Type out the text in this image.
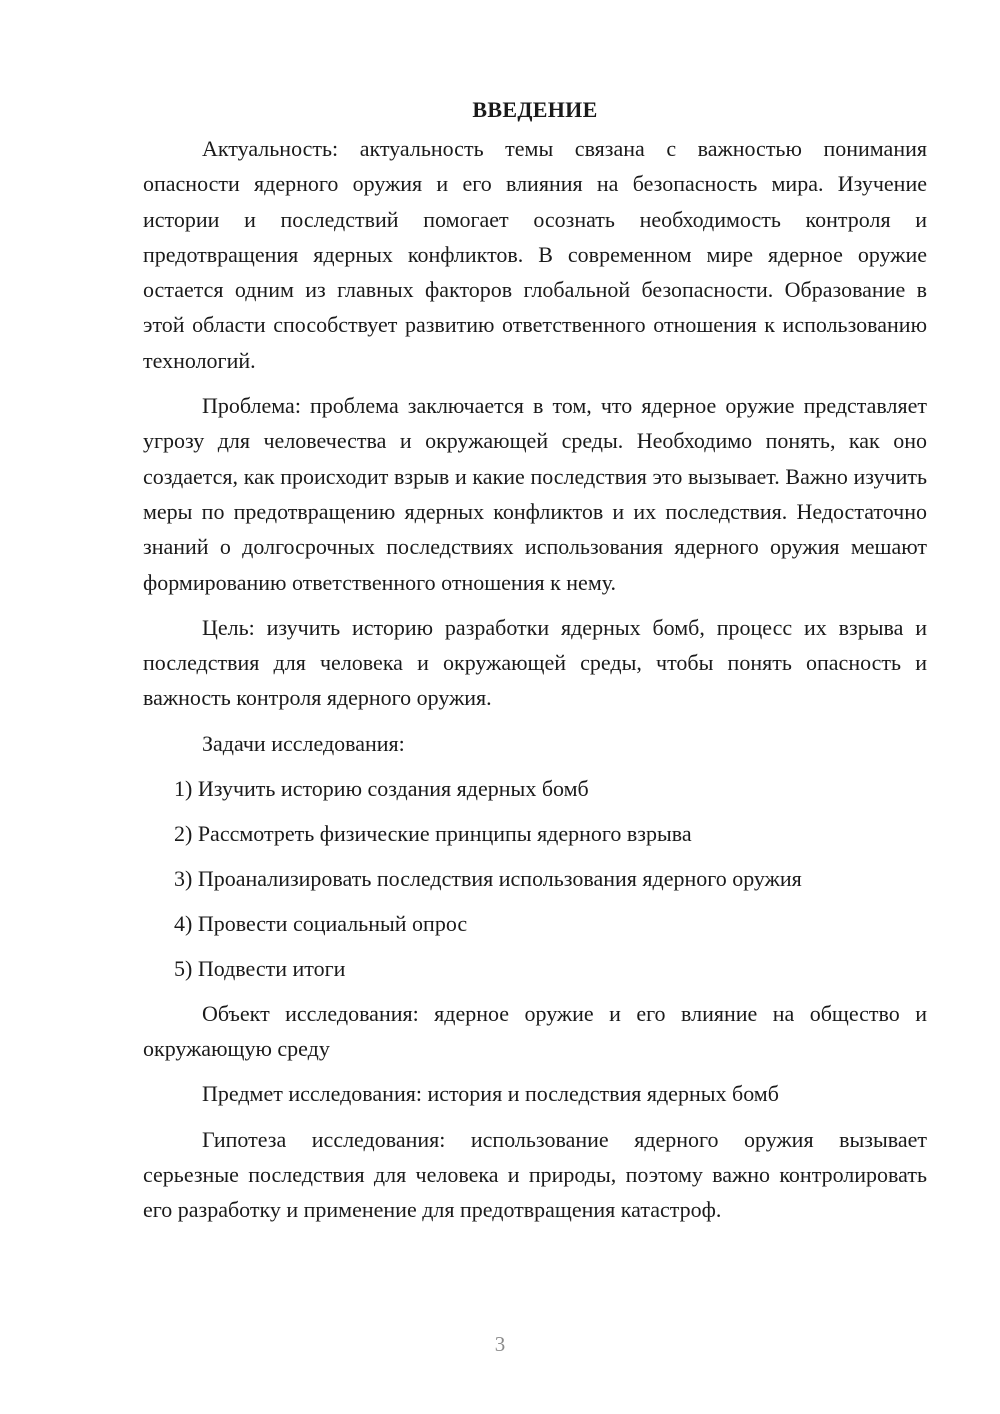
ВВЕДЕНИЕ

Актуальность: актуальность темы связана с важностью понимания опасности ядерного оружия и его влияния на безопасность мира. Изучение истории и последствий помогает осознать необходимость контроля и предотвращения ядерных конфликтов. В современном мире ядерное оружие остается одним из главных факторов глобальной безопасности. Образование в этой области способствует развитию ответственного отношения к использованию технологий.

Проблема: проблема заключается в том, что ядерное оружие представляет угрозу для человечества и окружающей среды. Необходимо понять, как оно создается, как происходит взрыв и какие последствия это вызывает. Важно изучить меры по предотвращению ядерных конфликтов и их последствия. Недостаточно знаний о долгосрочных последствиях использования ядерного оружия мешают формированию ответственного отношения к нему.

Цель: изучить историю разработки ядерных бомб, процесс их взрыва и последствия для человека и окружающей среды, чтобы понять опасность и важность контроля ядерного оружия.

Задачи исследования:

1) Изучить историю создания ядерных бомб
2) Рассмотреть физические принципы ядерного взрыва
3) Проанализировать последствия использования ядерного оружия
4) Провести социальный опрос
5) Подвести итоги

Объект исследования: ядерное оружие и его влияние на общество и окружающую среду

Предмет исследования: история и последствия ядерных бомб

Гипотеза исследования: использование ядерного оружия вызывает серьезные последствия для человека и природы, поэтому важно контролировать его разработку и применение для предотвращения катастроф.

3
